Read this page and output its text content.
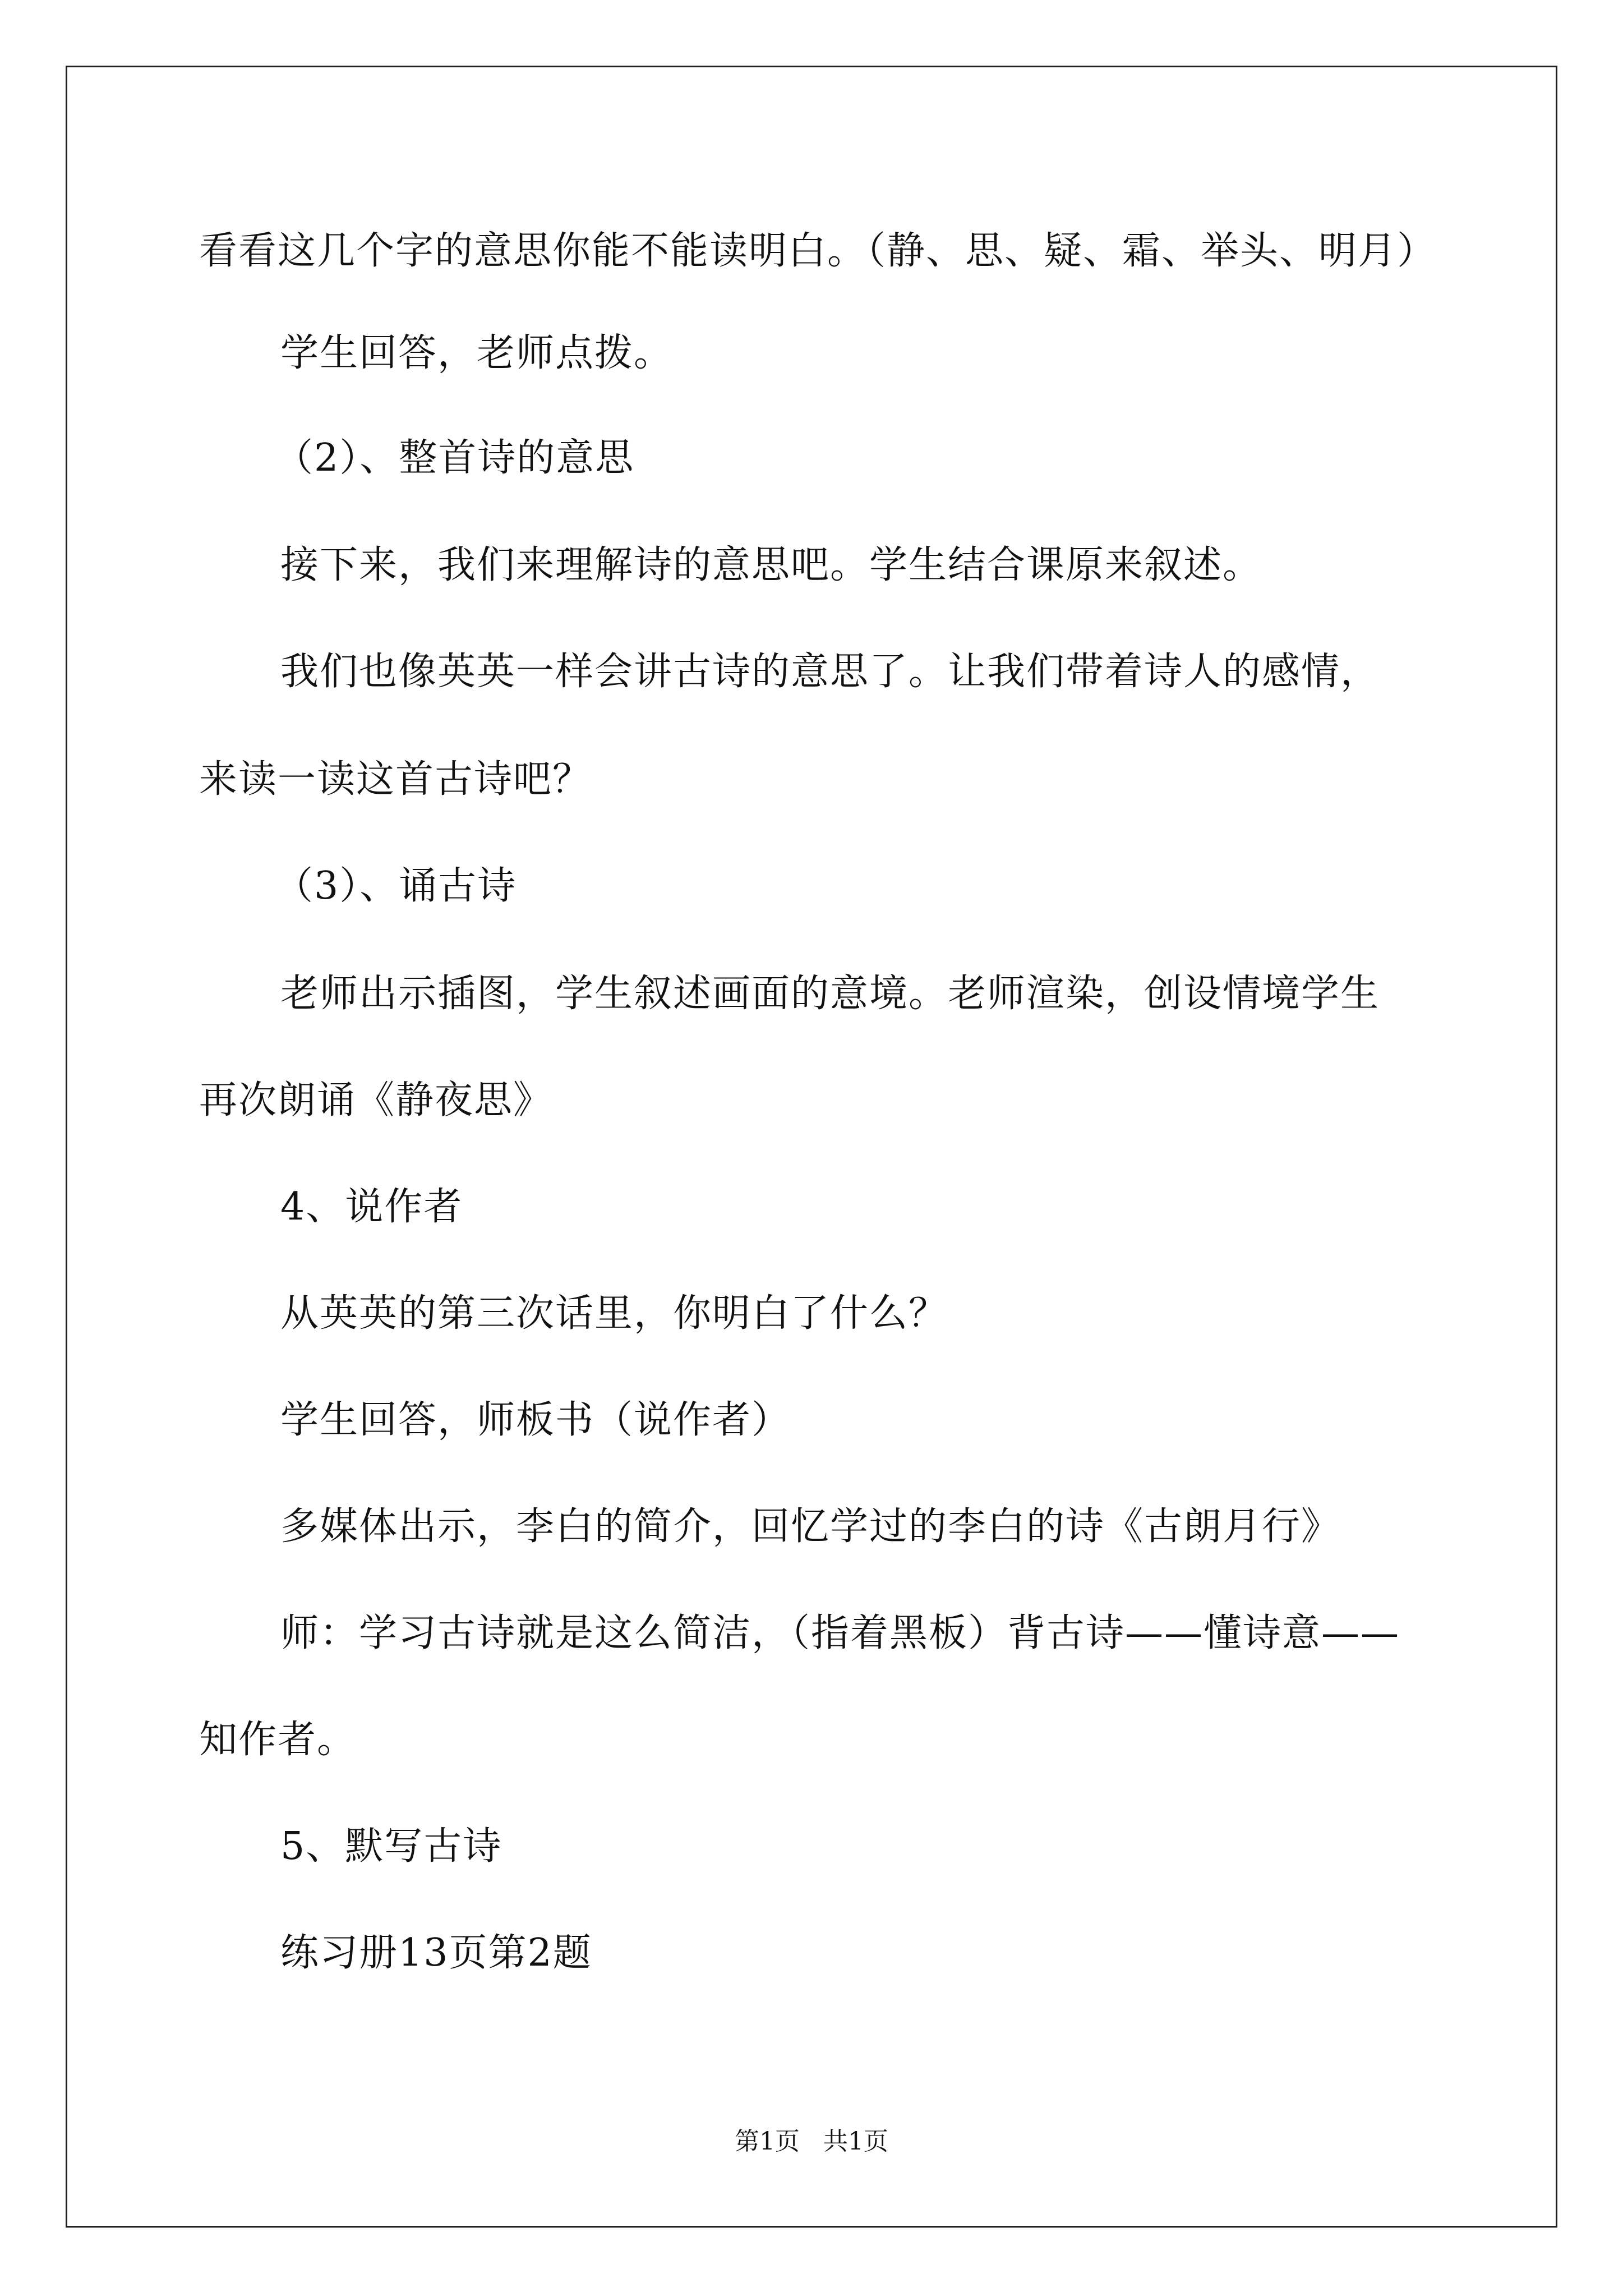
看看这几个字的意思你能不能读明白。（静、思、疑、霜、举头、明月）
学生回答，老师点拨。
（2）、整首诗的意思
接下来，我们来理解诗的意思吧。学生结合课原来叙述。
我们也像英英一样会讲古诗的意思了。让我们带着诗人的感情，
来读一读这首古诗吧？
（3）、诵古诗
老师出示插图，学生叙述画面的意境。老师渲染，创设情境学生
再次朗诵《静夜思》
4、说作者
从英英的第三次话里，你明白了什么？
学生回答，师板书（说作者）
多媒体出示，李白的简介，回忆学过的李白的诗《古朗月行》
师：学习古诗就是这么简洁，（指着黑板）背古诗——懂诗意——
知作者。
5、默写古诗
练习册13页第2题
第1页 共1页
